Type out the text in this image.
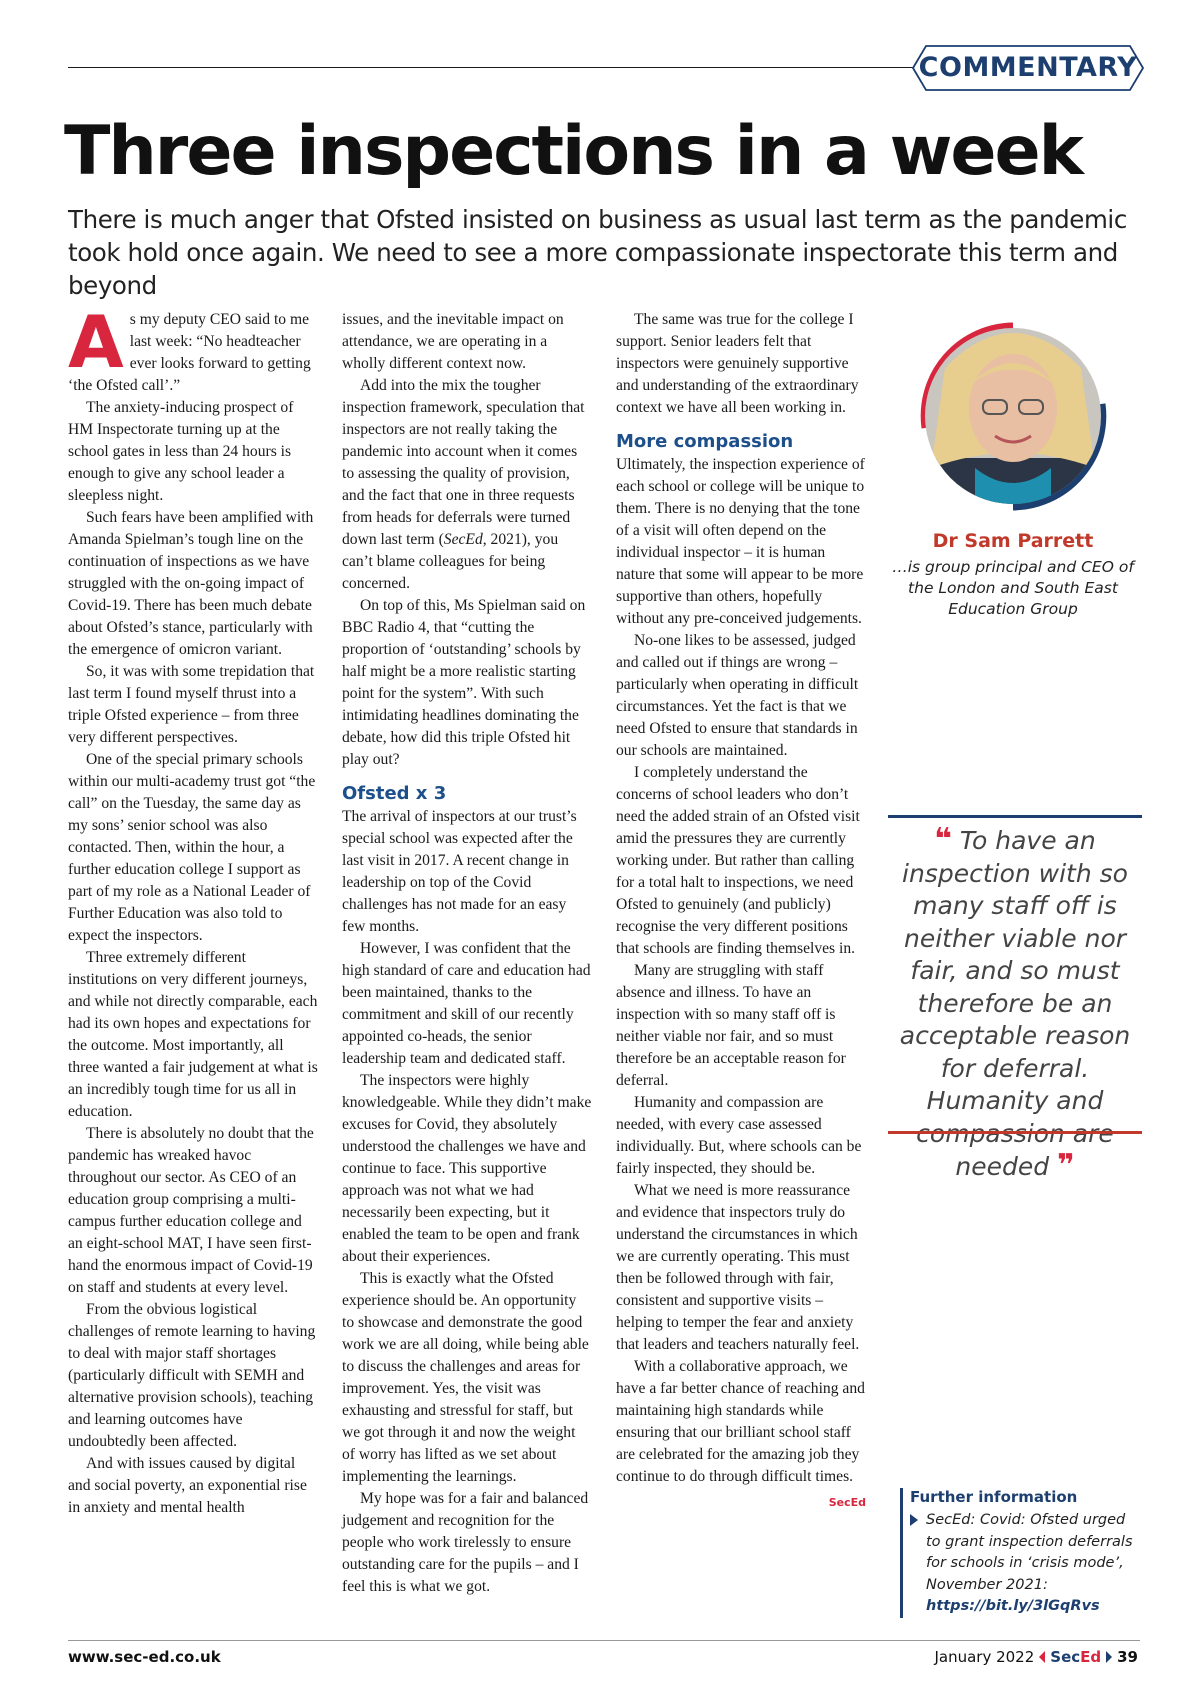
COMMENTARY
Three inspections in a week

There is much anger that Ofsted insisted on business as usual last term as the pandemic took hold once again. We need to see a more compassionate inspectorate this term and beyond

As my deputy CEO said to me last week: “No headteacher ever looks forward to getting ‘the Ofsted call’.”

The anxiety-inducing prospect of HM Inspectorate turning up at the school gates in less than 24 hours is enough to give any school leader a sleepless night.

Such fears have been amplified with Amanda Spielman’s tough line on the continuation of inspections as we have struggled with the on-going impact of Covid-19. There has been much debate about Ofsted’s stance, particularly with the emergence of omicron variant.

So, it was with some trepidation that last term I found myself thrust into a triple Ofsted experience – from three very different perspectives.

One of the special primary schools within our multi-academy trust got “the call” on the Tuesday, the same day as my sons’ senior school was also contacted. Then, within the hour, a further education college I support as part of my role as a National Leader of Further Education was also told to expect the inspectors.

Three extremely different institutions on very different journeys, and while not directly comparable, each had its own hopes and expectations for the outcome. Most importantly, all three wanted a fair judgement at what is an incredibly tough time for us all in education.

There is absolutely no doubt that the pandemic has wreaked havoc throughout our sector. As CEO of an education group comprising a multi-campus further education college and an eight-school MAT, I have seen first-hand the enormous impact of Covid-19 on staff and students at every level.

From the obvious logistical challenges of remote learning to having to deal with major staff shortages (particularly difficult with SEMH and alternative provision schools), teaching and learning outcomes have undoubtedly been affected.

And with issues caused by digital and social poverty, an exponential rise in anxiety and mental health

issues, and the inevitable impact on attendance, we are operating in a wholly different context now.

Add into the mix the tougher inspection framework, speculation that inspectors are not really taking the pandemic into account when it comes to assessing the quality of provision, and the fact that one in three requests from heads for deferrals were turned down last term (SecEd, 2021), you can’t blame colleagues for being concerned.

On top of this, Ms Spielman said on BBC Radio 4, that “cutting the proportion of ‘outstanding’ schools by half might be a more realistic starting point for the system”. With such intimidating headlines dominating the debate, how did this triple Ofsted hit play out?

Ofsted x 3

The arrival of inspectors at our trust’s special school was expected after the last visit in 2017. A recent change in leadership on top of the Covid challenges has not made for an easy few months.

However, I was confident that the high standard of care and education had been maintained, thanks to the commitment and skill of our recently appointed co-heads, the senior leadership team and dedicated staff.

The inspectors were highly knowledgeable. While they didn’t make excuses for Covid, they absolutely understood the challenges we have and continue to face. This supportive approach was not what we had necessarily been expecting, but it enabled the team to be open and frank about their experiences.

This is exactly what the Ofsted experience should be. An opportunity to showcase and demonstrate the good work we are all doing, while being able to discuss the challenges and areas for improvement. Yes, the visit was exhausting and stressful for staff, but we got through it and now the weight of worry has lifted as we set about implementing the learnings.

My hope was for a fair and balanced judgement and recognition for the people who work tirelessly to ensure outstanding care for the pupils – and I feel this is what we got.

The same was true for the college I support. Senior leaders felt that inspectors were genuinely supportive and understanding of the extraordinary context we have all been working in.

More compassion

Ultimately, the inspection experience of each school or college will be unique to them. There is no denying that the tone of a visit will often depend on the individual inspector – it is human nature that some will appear to be more supportive than others, hopefully without any pre-conceived judgements.

No-one likes to be assessed, judged and called out if things are wrong – particularly when operating in difficult circumstances. Yet the fact is that we need Ofsted to ensure that standards in our schools are maintained.

I completely understand the concerns of school leaders who don’t need the added strain of an Ofsted visit amid the pressures they are currently working under. But rather than calling for a total halt to inspections, we need Ofsted to genuinely (and publicly) recognise the very different positions that schools are finding themselves in.

Many are struggling with staff absence and illness. To have an inspection with so many staff off is neither viable nor fair, and so must therefore be an acceptable reason for deferral.

Humanity and compassion are needed, with every case assessed individually. But, where schools can be fairly inspected, they should be.

What we need is more reassurance and evidence that inspectors truly do understand the circumstances in which we are currently operating. This must then be followed through with fair, consistent and supportive visits – helping to temper the fear and anxiety that leaders and teachers naturally feel.

With a collaborative approach, we have a far better chance of reaching and maintaining high standards while ensuring that our brilliant school staff are celebrated for the amazing job they continue to do through difficult times.
SecEd

Dr Sam Parrett
…is group principal and CEO of the London and South East Education Group
❝ To have an inspection with so many staff off is neither viable nor fair, and so must therefore be an acceptable reason for deferral. Humanity and compassion are needed ❞
Further information
SecEd: Covid: Ofsted urged to grant inspection deferrals for schools in ‘crisis mode’, November 2021: https://bit.ly/3lGqRvs
www.sec-ed.co.uk	January 2022 SecEd 39
